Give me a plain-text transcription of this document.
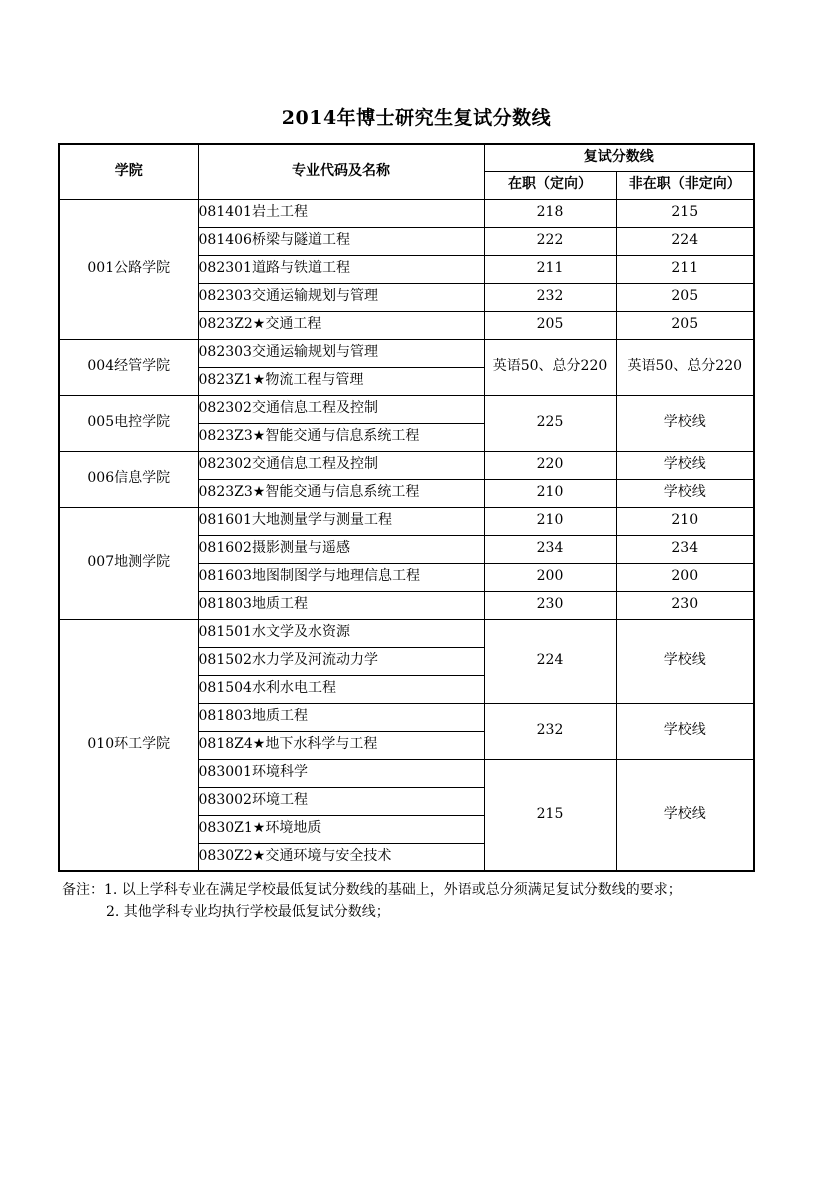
2014年博士研究生复试分数线
学院	专业代码及名称	复试分数线	
		在职（定向）	非在职（非定向）
001公路学院	081401岩土工程	218	215
	081406桥梁与隧道工程	222	224
	082301道路与铁道工程	211	211
	082303交通运输规划与管理	232	205
	0823Z2★交通工程	205	205
004经管学院	082303交通运输规划与管理	英语50、总分220	英语50、总分220
	0823Z1★物流工程与管理		
005电控学院	082302交通信息工程及控制	225	学校线
	0823Z3★智能交通与信息系统工程		
006信息学院	082302交通信息工程及控制	220	学校线
	0823Z3★智能交通与信息系统工程	210	学校线
007地测学院	081601大地测量学与测量工程	210	210
	081602摄影测量与遥感	234	234
	081603地图制图学与地理信息工程	200	200
	081803地质工程	230	230
010环工学院	081501水文学及水资源	224	学校线
	081502水力学及河流动力学		
	081504水利水电工程		
	081803地质工程	232	学校线
	0818Z4★地下水科学与工程		
	083001环境科学	215	学校线
	083002环境工程		
	0830Z1★环境地质		
	0830Z2★交通环境与安全技术		
备注：1. 以上学科专业在满足学校最低复试分数线的基础上，外语或总分须满足复试分数线的要求；
2. 其他学科专业均执行学校最低复试分数线；
